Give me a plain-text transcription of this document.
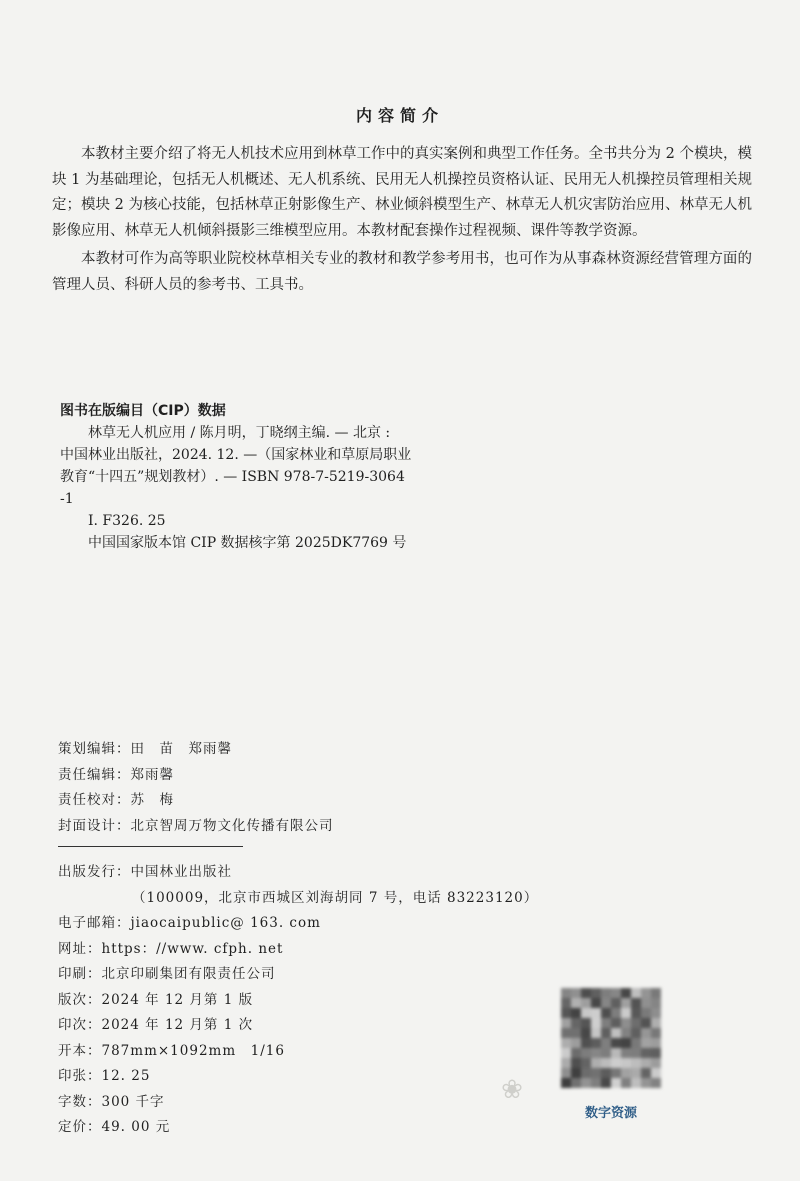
内容简介

本教材主要介绍了将无人机技术应用到林草工作中的真实案例和典型工作任务。全书共分为 2 个模块，模块 1 为基础理论，包括无人机概述、无人机系统、民用无人机操控员资格认证、民用无人机操控员管理相关规定；模块 2 为核心技能，包括林草正射影像生产、林业倾斜模型生产、林草无人机灾害防治应用、林草无人机影像应用、林草无人机倾斜摄影三维模型应用。本教材配套操作过程视频、课件等教学资源。

本教材可作为高等职业院校林草相关专业的教材和教学参考用书，也可作为从事森林资源经营管理方面的管理人员、科研人员的参考书、工具书。

图书在版编目（CIP）数据
林草无人机应用 / 陈月明，丁晓纲主编. — 北京 :
中国林业出版社，2024. 12. —（国家林业和草原局职业
教育“十四五”规划教材）. — ISBN 978-7-5219-3064
-1
Ⅰ. F326. 25
中国国家版本馆 CIP 数据核字第 2025DK7769 号
策划编辑：田　苗　郑雨馨
责任编辑：郑雨馨
责任校对：苏　梅
封面设计：北京智周万物文化传播有限公司
出版发行：中国林业出版社
（100009，北京市西城区刘海胡同 7 号，电话 83223120）
电子邮箱：jiaocaipublic@ 163. com
网址：https：//www. cfph. net
印刷：北京印刷集团有限责任公司
版次：2024 年 12 月第 1 版
印次：2024 年 12 月第 1 次
开本：787mm×1092mm　1/16
印张：12. 25
字数：300 千字
定价：49. 00 元
❀
数字资源
